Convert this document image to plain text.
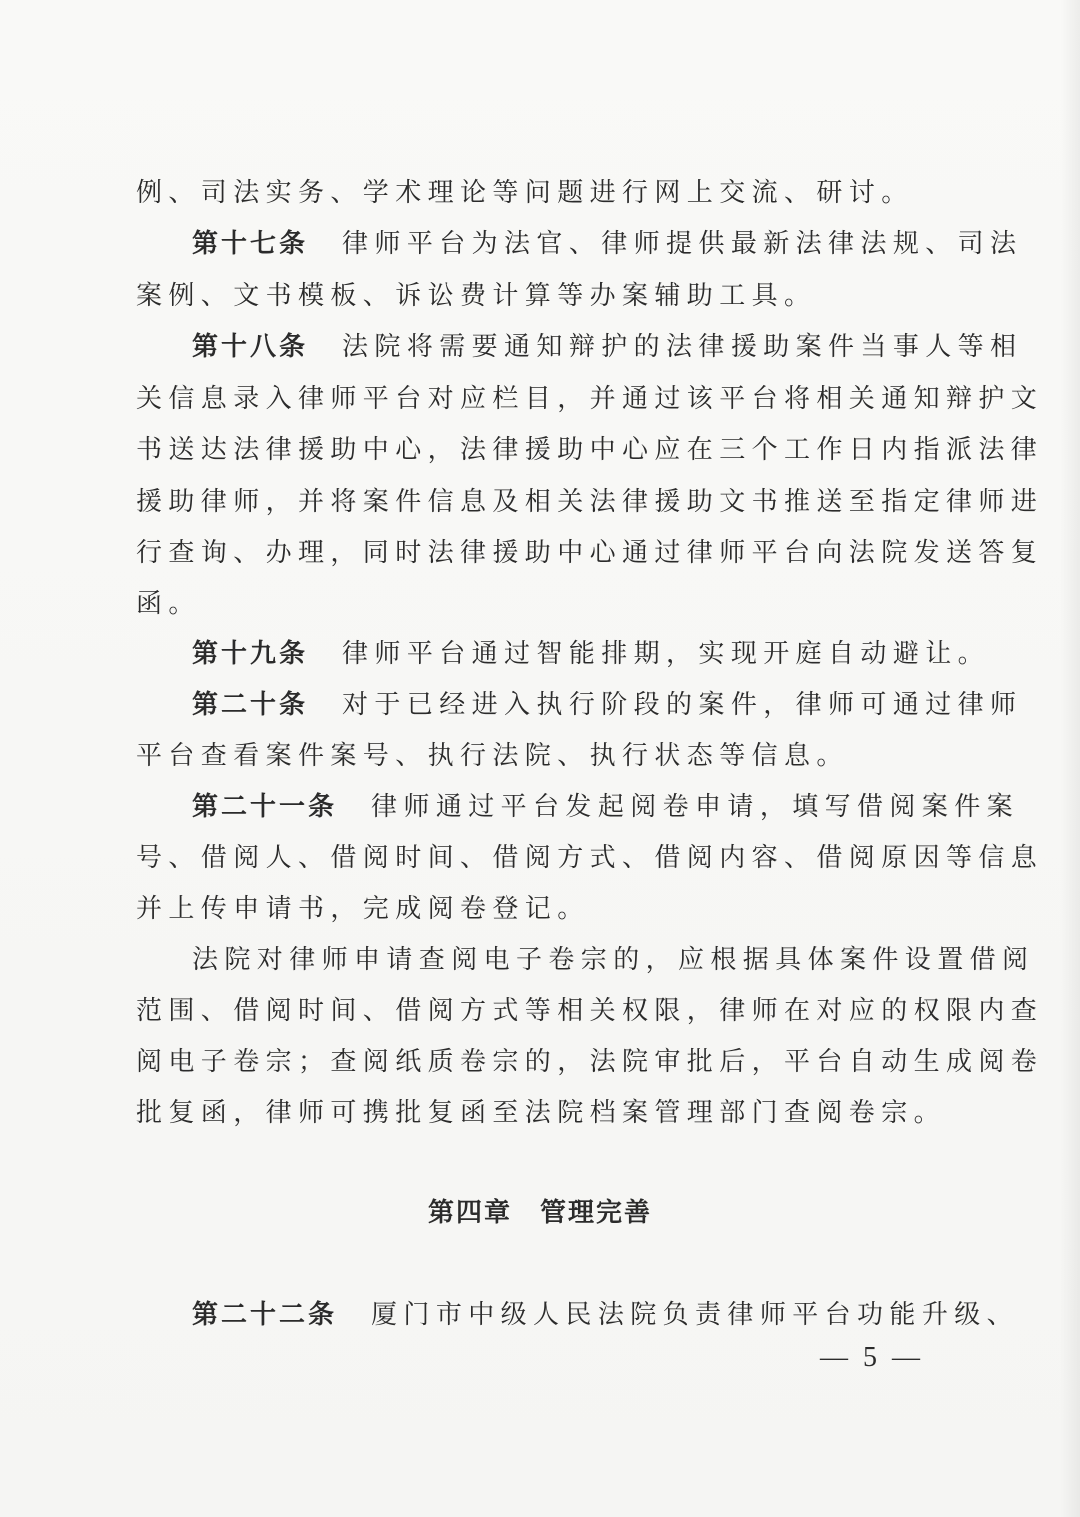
例、司法实务、学术理论等问题进行网上交流、研讨。
第十七条 律师平台为法官、律师提供最新法律法规、司法
案例、文书模板、诉讼费计算等办案辅助工具。
第十八条 法院将需要通知辩护的法律援助案件当事人等相
关信息录入律师平台对应栏目，并通过该平台将相关通知辩护文
书送达法律援助中心，法律援助中心应在三个工作日内指派法律
援助律师，并将案件信息及相关法律援助文书推送至指定律师进
行查询、办理，同时法律援助中心通过律师平台向法院发送答复
函。
第十九条 律师平台通过智能排期，实现开庭自动避让。
第二十条 对于已经进入执行阶段的案件，律师可通过律师
平台查看案件案号、执行法院、执行状态等信息。
第二十一条 律师通过平台发起阅卷申请，填写借阅案件案
号、借阅人、借阅时间、借阅方式、借阅内容、借阅原因等信息
并上传申请书，完成阅卷登记。
法院对律师申请查阅电子卷宗的，应根据具体案件设置借阅
范围、借阅时间、借阅方式等相关权限，律师在对应的权限内查
阅电子卷宗；查阅纸质卷宗的，法院审批后，平台自动生成阅卷
批复函，律师可携批复函至法院档案管理部门查阅卷宗。
第四章 管理完善
第二十二条 厦门市中级人民法院负责律师平台功能升级、
— 5 —
